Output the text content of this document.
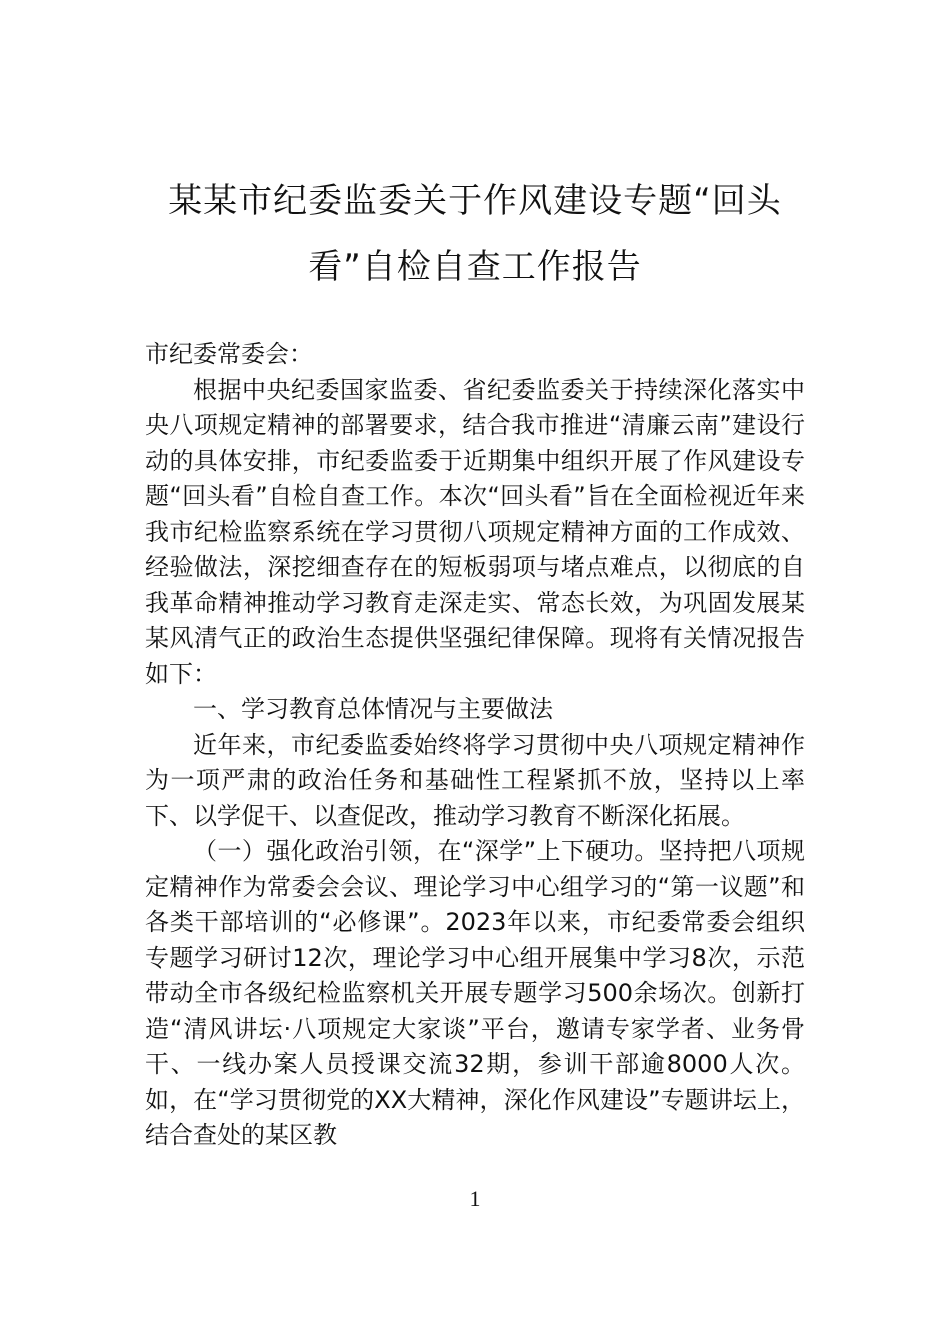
某某市纪委监委关于作风建设专题“回头
看”自检自查工作报告

市纪委常委会：

根据中央纪委国家监委、省纪委监委关于持续深化落实中央八项规定精神的部署要求，结合我市推进“清廉云南”建设行动的具体安排，市纪委监委于近期集中组织开展了作风建设专题“回头看”自检自查工作。本次“回头看”旨在全面检视近年来我市纪检监察系统在学习贯彻八项规定精神方面的工作成效、经验做法，深挖细查存在的短板弱项与堵点难点，以彻底的自我革命精神推动学习教育走深走实、常态长效，为巩固发展某某风清气正的政治生态提供坚强纪律保障。现将有关情况报告如下：

一、学习教育总体情况与主要做法

近年来，市纪委监委始终将学习贯彻中央八项规定精神作为一项严肃的政治任务和基础性工程紧抓不放，坚持以上率下、以学促干、以查促改，推动学习教育不断深化拓展。

（一）强化政治引领，在“深学”上下硬功。坚持把八项规定精神作为常委会会议、理论学习中心组学习的“第一议题”和各类干部培训的“必修课”。2023年以来，市纪委常委会组织专题学习研讨12次，理论学习中心组开展集中学习8次，示范带动全市各级纪检监察机关开展专题学习500余场次。创新打造“清风讲坛·八项规定大家谈”平台，邀请专家学者、业务骨干、一线办案人员授课交流32期，参训干部逾8000人次。如，在“学习贯彻党的XX大精神，深化作风建设”专题讲坛上，结合查处的某区教

1
